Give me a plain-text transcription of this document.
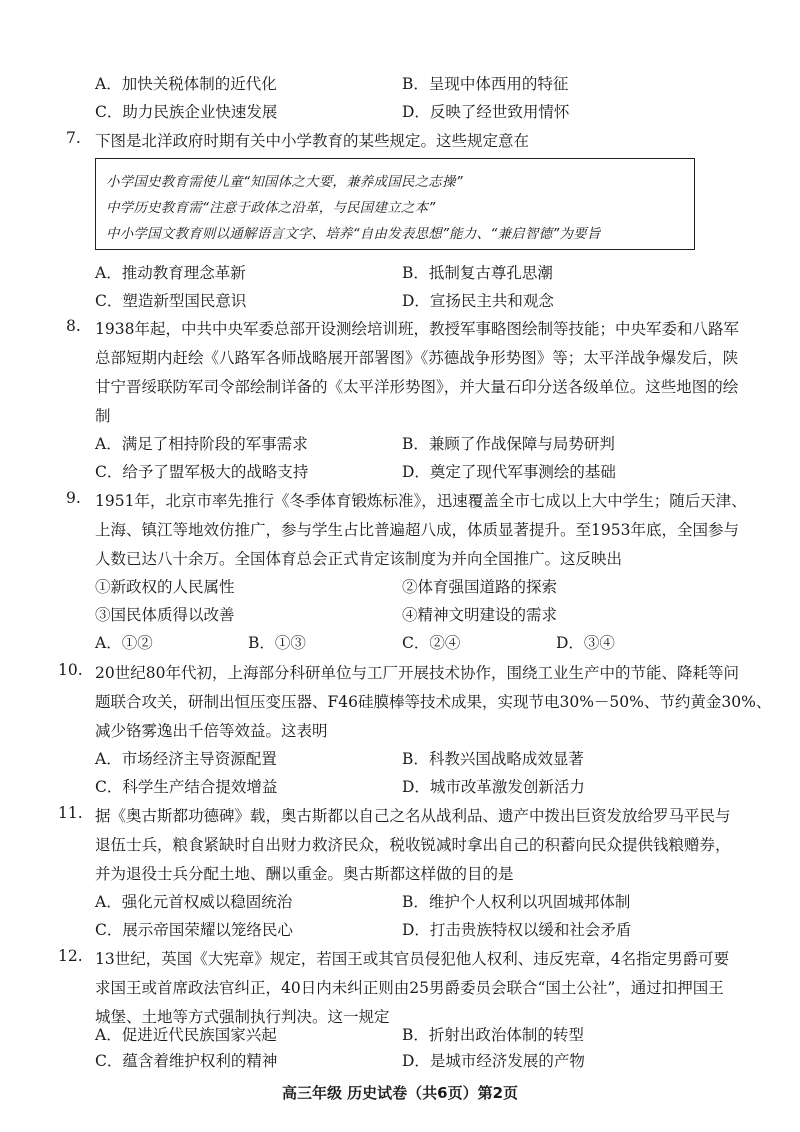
A．加快关税体制的近代化	B．呈现中体西用的特征
C．助力民族企业快速发展	D．反映了经世致用情怀
7. 下图是北洋政府时期有关中小学教育的某些规定。这些规定意在
小学国史教育需使儿童“知国体之大要，兼养成国民之志操”
中学历史教育需“注意于政体之沿革，与民国建立之本”
中小学国文教育则以通解语言文字、培养“自由发表思想”能力、“兼启智德”为要旨
A．推动教育理念革新	B．抵制复古尊孔思潮
C．塑造新型国民意识	D．宣扬民主共和观念
8. 1938年起，中共中央军委总部开设测绘培训班，教授军事略图绘制等技能；中央军委和八路军
总部短期内赶绘《八路军各师战略展开部署图》《苏德战争形势图》等；太平洋战争爆发后，陕
甘宁晋绥联防军司令部绘制详备的《太平洋形势图》，并大量石印分送各级单位。这些地图的绘
制
A．满足了相持阶段的军事需求	B．兼顾了作战保障与局势研判
C．给予了盟军极大的战略支持	D．奠定了现代军事测绘的基础
9. 1951年，北京市率先推行《冬季体育锻炼标准》，迅速覆盖全市七成以上大中学生；随后天津、
上海、镇江等地效仿推广，参与学生占比普遍超八成，体质显著提升。至1953年底，全国参与
人数已达八十余万。全国体育总会正式肯定该制度为并向全国推广。这反映出
①新政权的人民属性	②体育强国道路的探索
③国民体质得以改善	④精神文明建设的需求
A．①②	B．①③	C．②④	D．③④
10. 20世纪80年代初，上海部分科研单位与工厂开展技术协作，围绕工业生产中的节能、降耗等问
题联合攻关，研制出恒压变压器、F46硅膜棒等技术成果，实现节电30%－50%、节约黄金30%、
减少铬雾逸出千倍等效益。这表明
A．市场经济主导资源配置	B．科教兴国战略成效显著
C．科学生产结合提效增益	D．城市改革激发创新活力
11. 据《奥古斯都功德碑》载，奥古斯都以自己之名从战利品、遗产中拨出巨资发放给罗马平民与
退伍士兵，粮食紧缺时自出财力救济民众，税收锐减时拿出自己的积蓄向民众提供钱粮赠券，
并为退役士兵分配土地、酬以重金。奥古斯都这样做的目的是
A．强化元首权威以稳固统治	B．维护个人权利以巩固城邦体制
C．展示帝国荣耀以笼络民心	D．打击贵族特权以缓和社会矛盾
12. 13世纪，英国《大宪章》规定，若国王或其官员侵犯他人权利、违反宪章，4名指定男爵可要
求国王或首席政法官纠正，40日内未纠正则由25男爵委员会联合“国土公社”，通过扣押国王
城堡、土地等方式强制执行判决。这一规定
A．促进近代民族国家兴起	B．折射出政治体制的转型
高三年级 历史试卷（共6页）第2页
C．蕴含着维护权利的精神	D．是城市经济发展的产物
